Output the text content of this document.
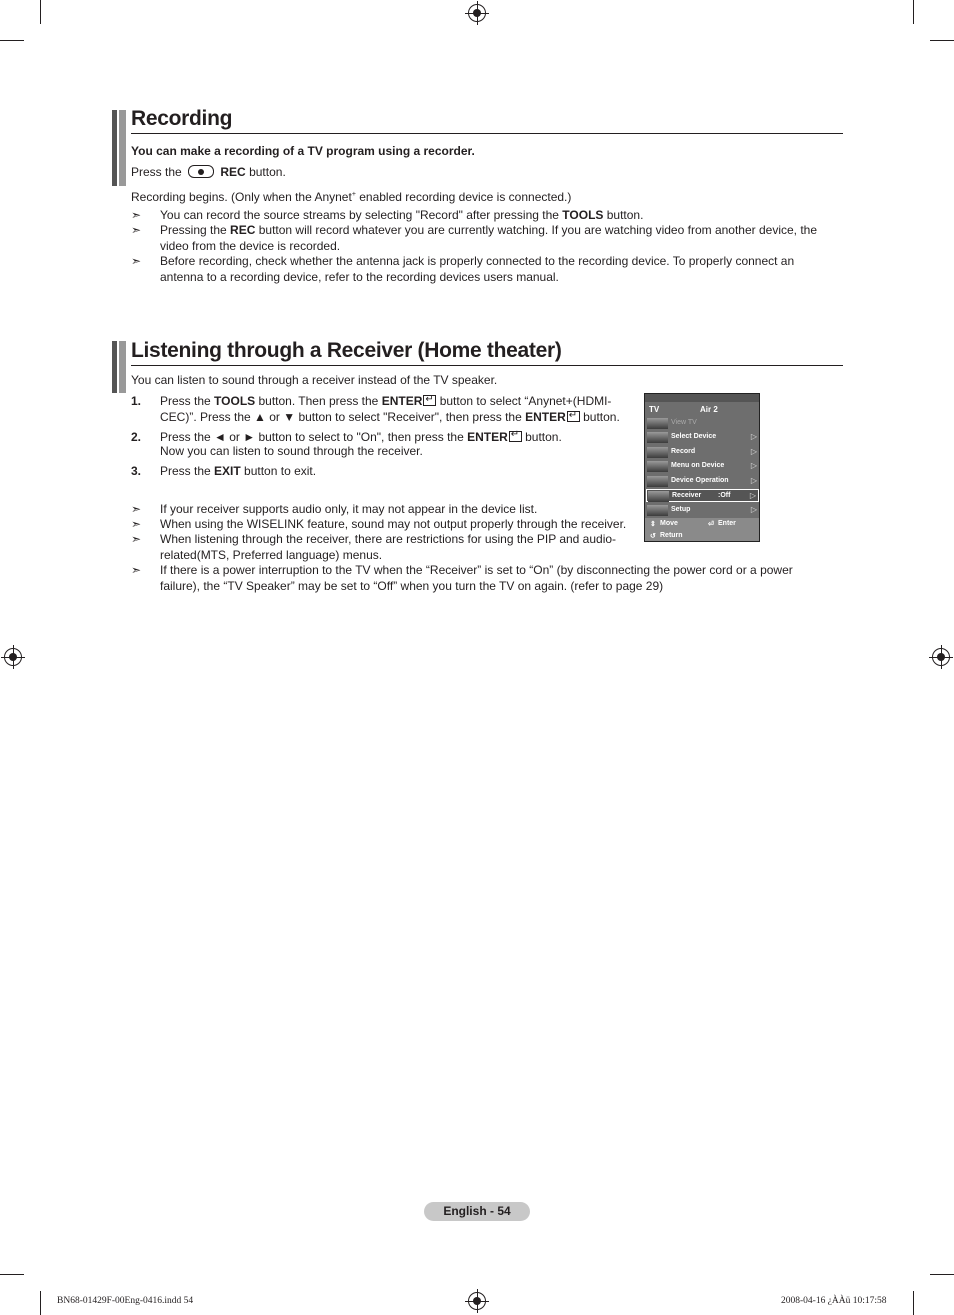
Recording
You can make a recording of a TV program using a recorder.
Press the	REC button.
Recording begins. (Only when the Anynet+ enabled recording device is connected.)
➣	You can record the source streams by selecting "Record" after pressing the TOOLS button.
➣	Pressing the REC button will record whatever you are currently watching. If you are watching video from another device, the
video from the device is recorded.
➣	Before recording, check whether the antenna jack is properly connected to the recording device. To properly connect an
antenna to a recording device, refer to the recording devices users manual.
Listening through a Receiver (Home theater)
You can listen to sound through a receiver instead of the TV speaker.
1. Press the TOOLS button. Then press the ENTER↵ button to select “Anynet+(HDMI-
CEC)”. Press the ▲ or ▼ button to select "Receiver", then press the ENTER↵ button.
2. Press the ◄ or ► button to select to "On", then press the ENTER↵ button.
Now you can listen to sound through the receiver.
3. Press the EXIT button to exit.
➣	If your receiver supports audio only, it may not appear in the device list.
➣	When using the WISELINK feature, sound may not output properly through the receiver.
➣	When listening through the receiver, there are restrictions for using the PIP and audio-
related(MTS, Preferred language) menus.
➣	If there is a power interruption to the TV when the “Receiver” is set to “On” (by disconnecting the power cord or a power
failure), the “TV Speaker” may be set to “Off” when you turn the TV on again. (refer to page 29)
TV	Air 2
View TV
Select Device	▷
Record	▷
Menu on Device	▷
Device Operation	▷
Receiver :Off ▷
Setup	▷
⇕ Move	⏎ Enter
↺ Return
English - 54
BN68-01429F-00Eng-0416.indd 54	2008-04-16 ¿ÀÀü 10:17:58
